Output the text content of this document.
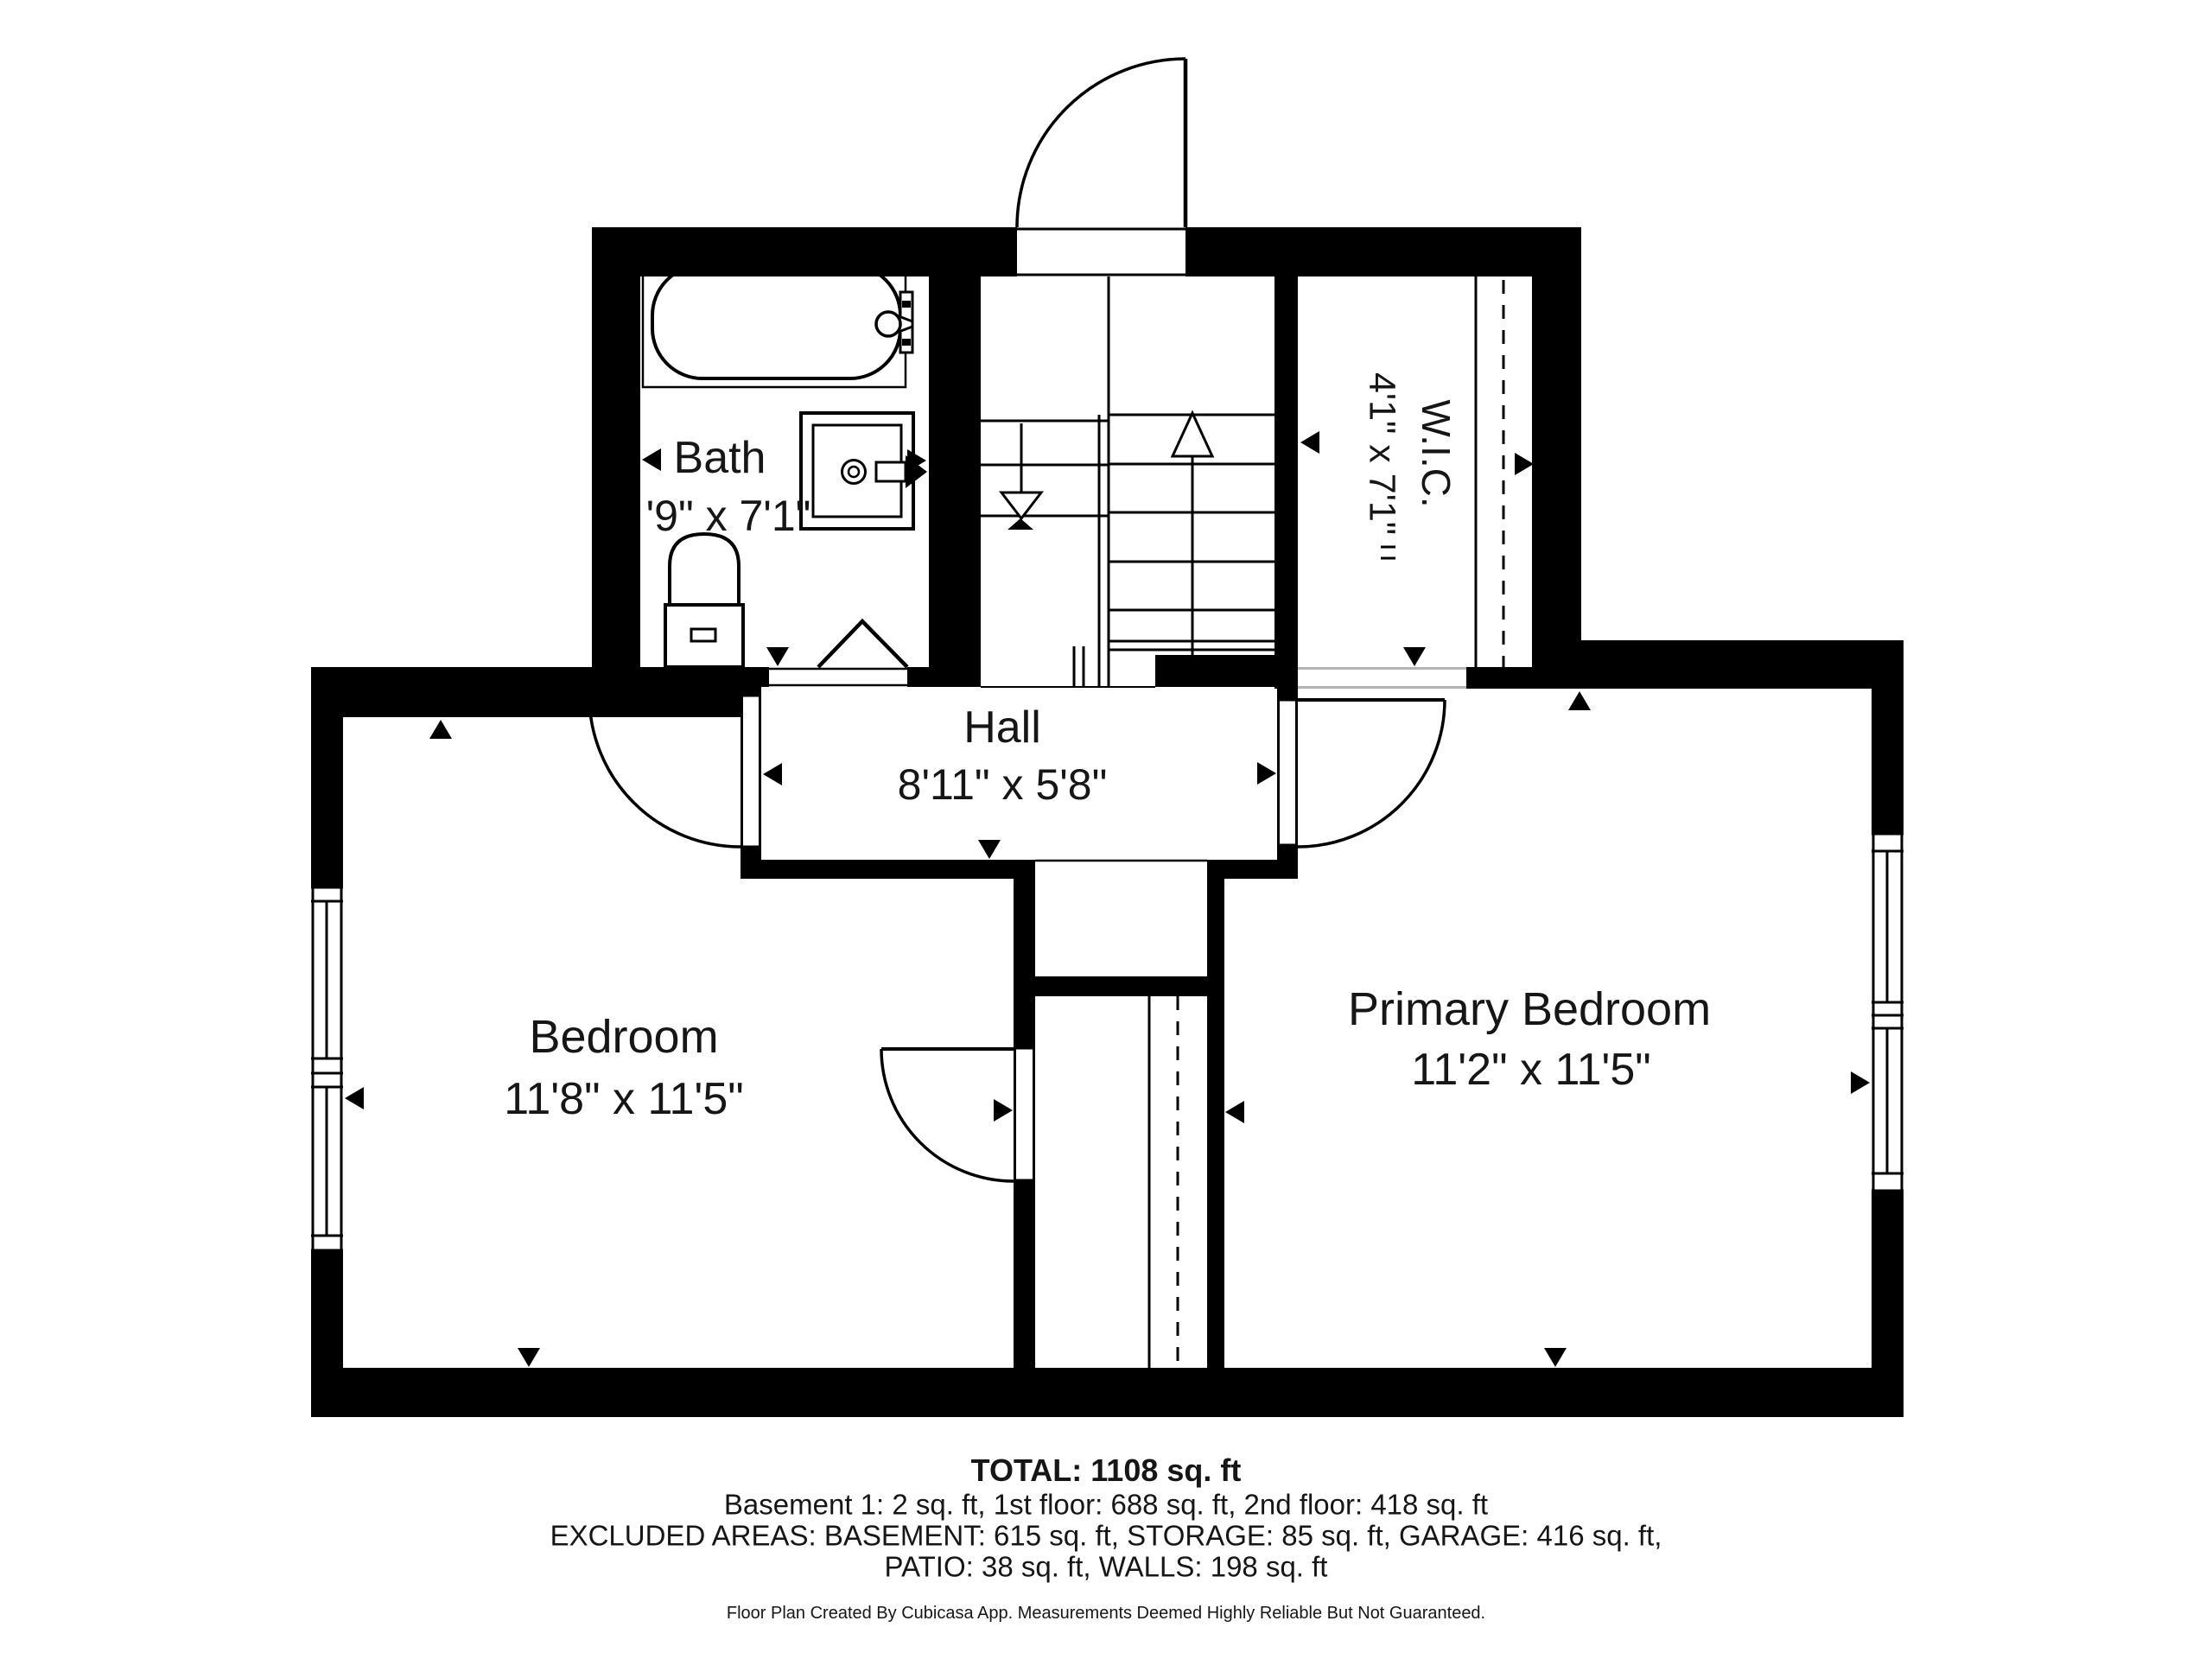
Bath
'9" x 7'1"
W.I.C.
4'1" x 7'1"
Hall
8'11" x 5'8"
Bedroom
11'8" x 11'5"
Primary Bedroom
11'2" x 11'5"
TOTAL: 1108 sq. ft
Basement 1: 2 sq. ft, 1st floor: 688 sq. ft, 2nd floor: 418 sq. ft
EXCLUDED AREAS: BASEMENT: 615 sq. ft, STORAGE: 85 sq. ft, GARAGE: 416 sq. ft,
PATIO: 38 sq. ft, WALLS: 198 sq. ft
Floor Plan Created By Cubicasa App. Measurements Deemed Highly Reliable But Not Guaranteed.
